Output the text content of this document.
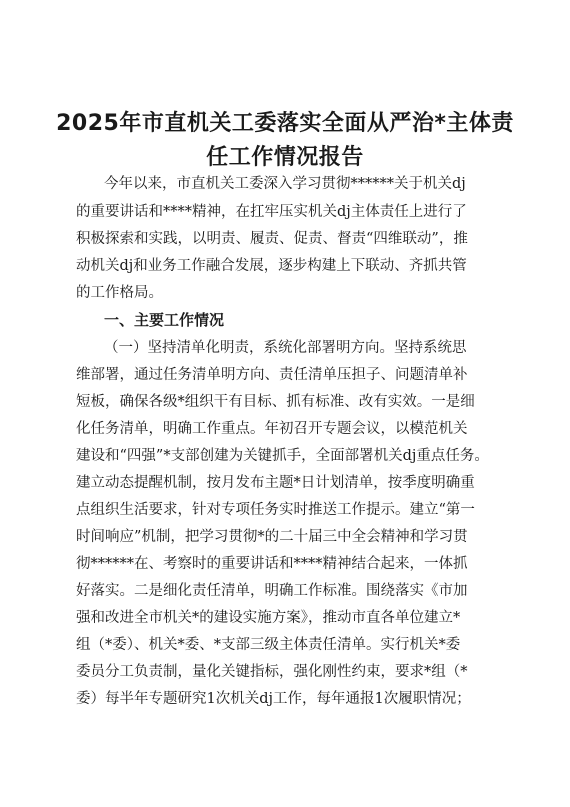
2025年市直机关工委落实全面从严治*主体责
任工作情况报告
今年以来，市直机关工委深入学习贯彻******关于机关dj
的重要讲话和****精神，在扛牢压实机关dj主体责任上进行了
积极探索和实践，以明责、履责、促责、督责“四维联动”，推
动机关dj和业务工作融合发展，逐步构建上下联动、齐抓共管
的工作格局。
一、主要工作情况
（一）坚持清单化明责，系统化部署明方向。坚持系统思
维部署，通过任务清单明方向、责任清单压担子、问题清单补
短板，确保各级*组织干有目标、抓有标准、改有实效。一是细
化任务清单，明确工作重点。年初召开专题会议，以模范机关
建设和“四强”*支部创建为关键抓手，全面部署机关dj重点任务。
建立动态提醒机制，按月发布主题*日计划清单，按季度明确重
点组织生活要求，针对专项任务实时推送工作提示。建立“第一
时间响应”机制，把学习贯彻*的二十届三中全会精神和学习贯
彻******在、考察时的重要讲话和****精神结合起来，一体抓
好落实。二是细化责任清单，明确工作标准。围绕落实《市加
强和改进全市机关*的建设实施方案》，推动市直各单位建立*
组（*委）、机关*委、*支部三级主体责任清单。实行机关*委
委员分工负责制，量化关键指标，强化刚性约束，要求*组（*
委）每半年专题研究1次机关dj工作，每年通报1次履职情况；
